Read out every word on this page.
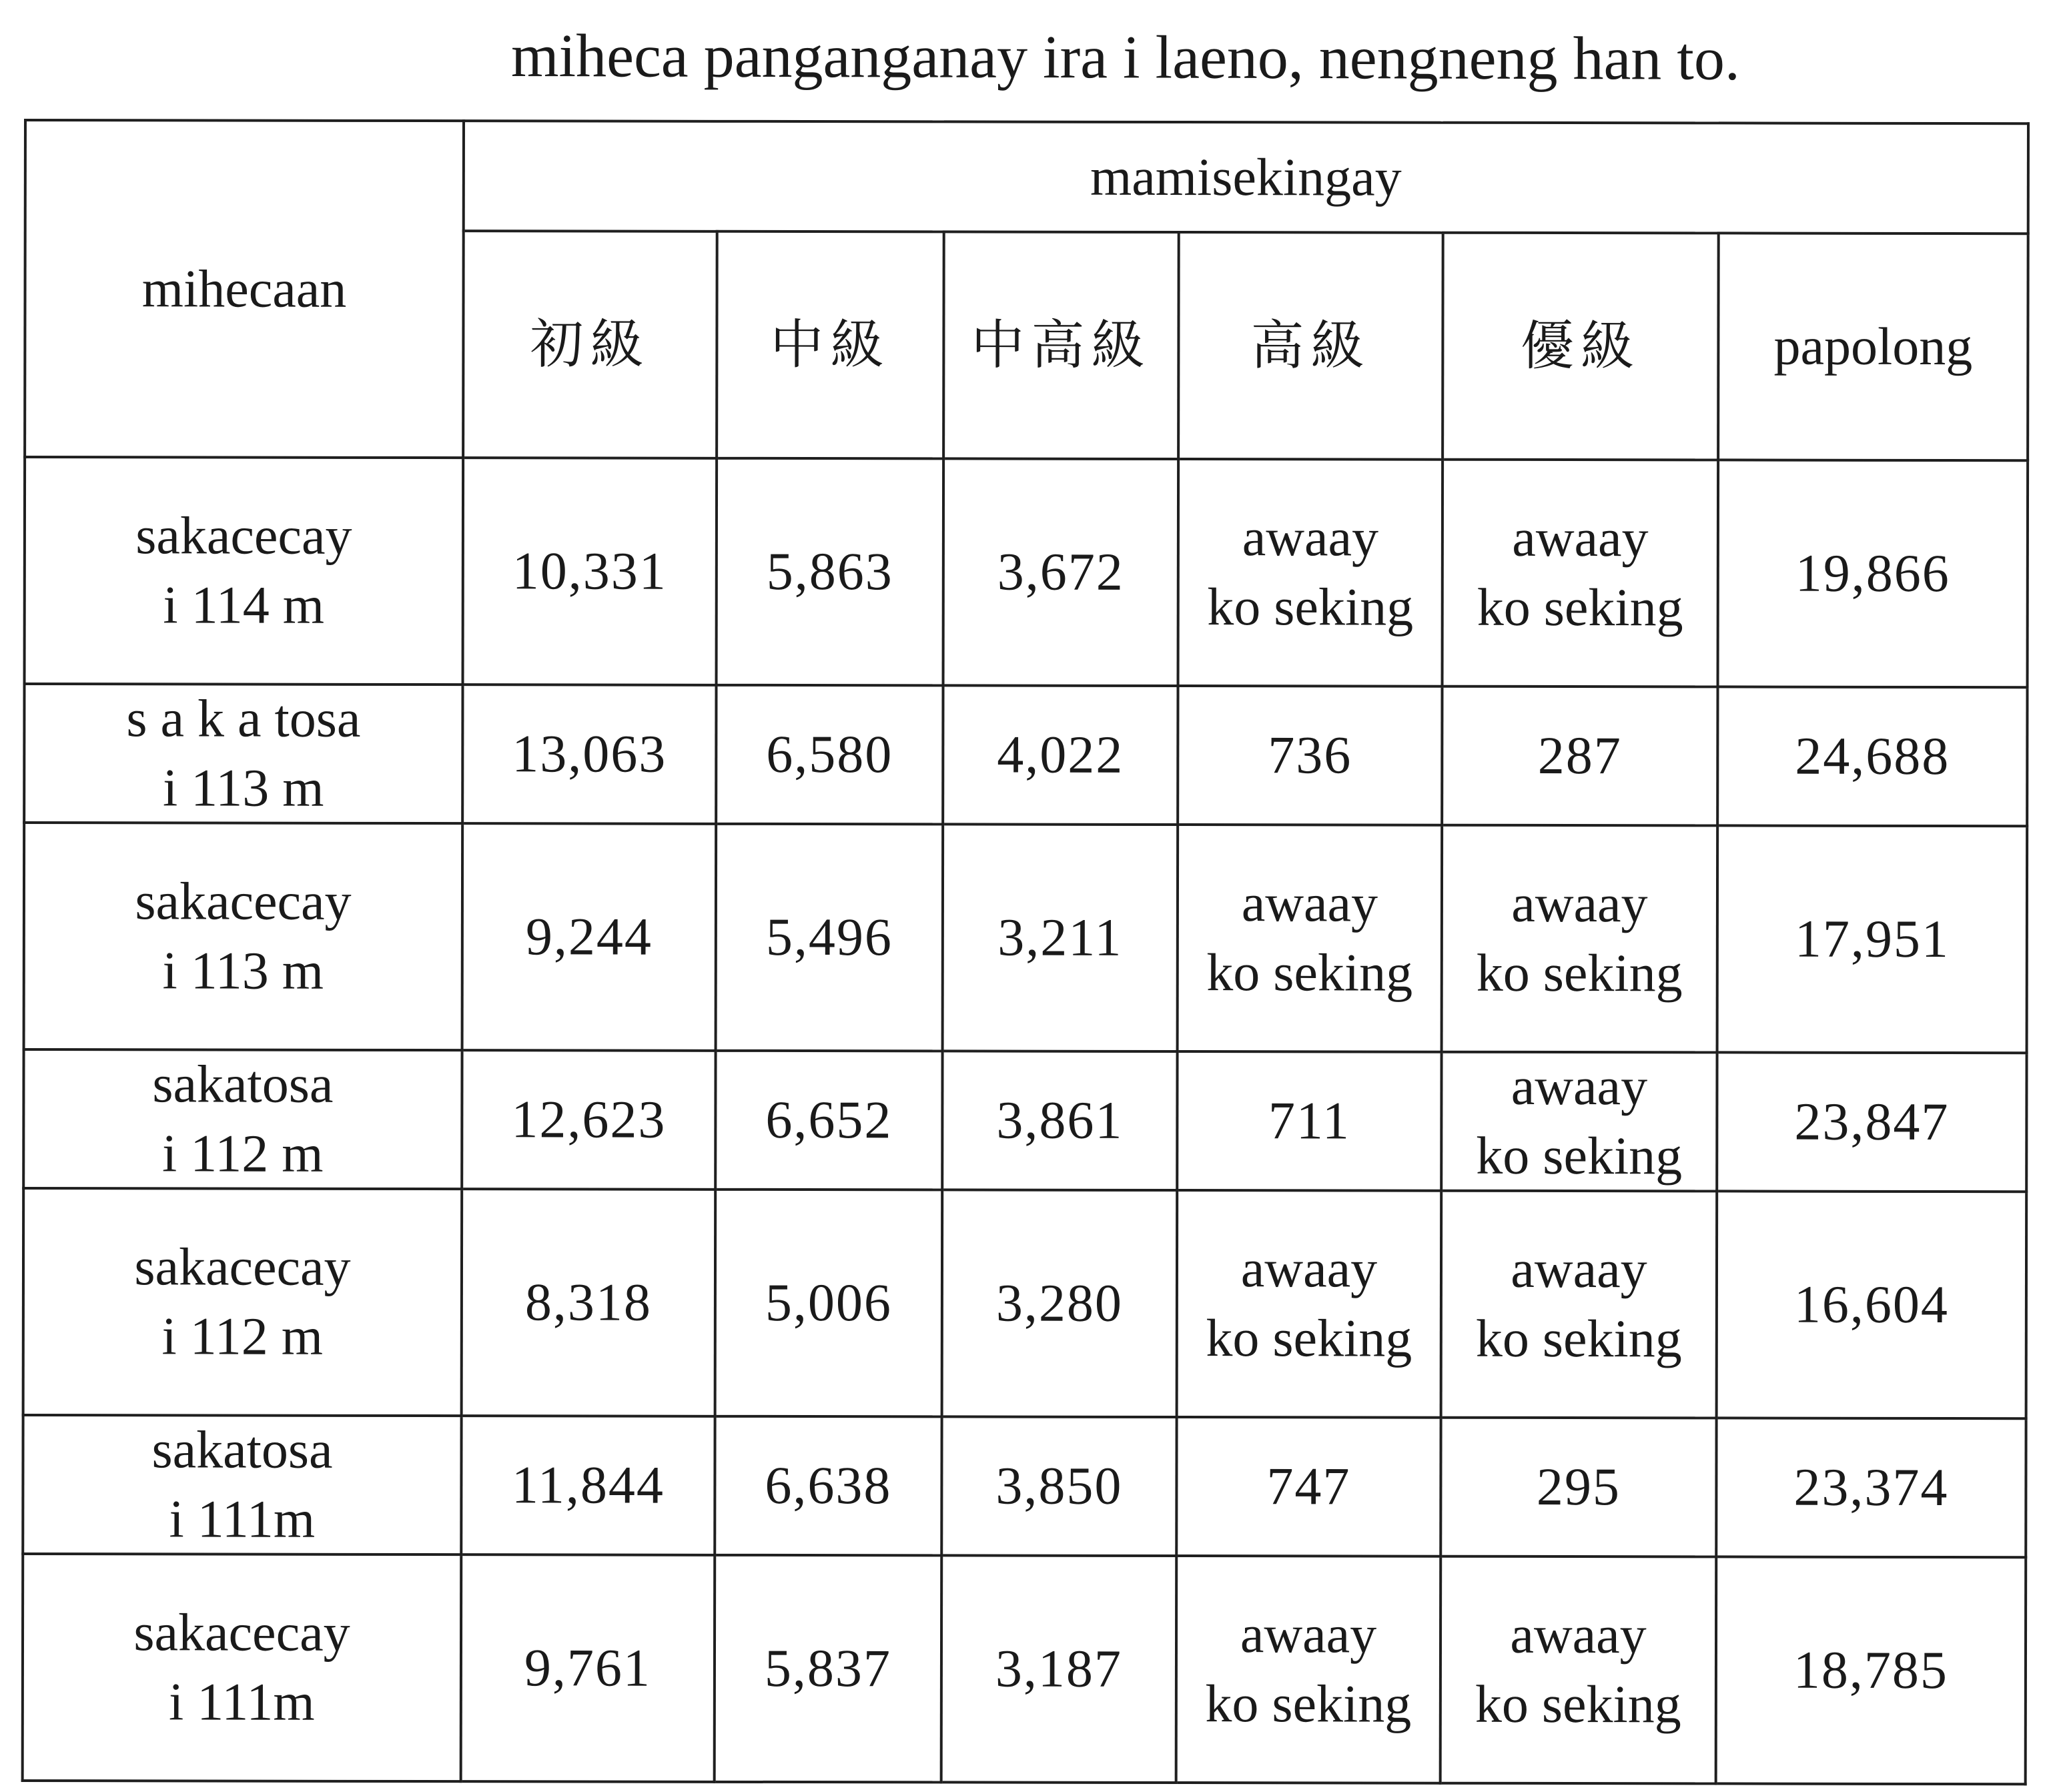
miheca panganganay ira i laeno, nengneng han to.
mihecaan	mamisekingay					
	初級	中級	中高級	高級	優級	papolong

sakacecay
i 114 m	10,331	5,863	3,672	awaay
ko seking	awaay
ko seking	19,866

s a k a tosa
i 113 m	13,063	6,580	4,022	736	287	24,688

sakacecay
i 113 m	9,244	5,496	3,211	awaay
ko seking	awaay
ko seking	17,951

sakatosa
i 112 m	12,623	6,652	3,861	711	awaay
ko seking	23,847

sakacecay
i 112 m	8,318	5,006	3,280	awaay
ko seking	awaay
ko seking	16,604

sakatosa
i 111m	11,844	6,638	3,850	747	295	23,374

sakacecay
i 111m	9,761	5,837	3,187	awaay
ko seking	awaay
ko seking	18,785
